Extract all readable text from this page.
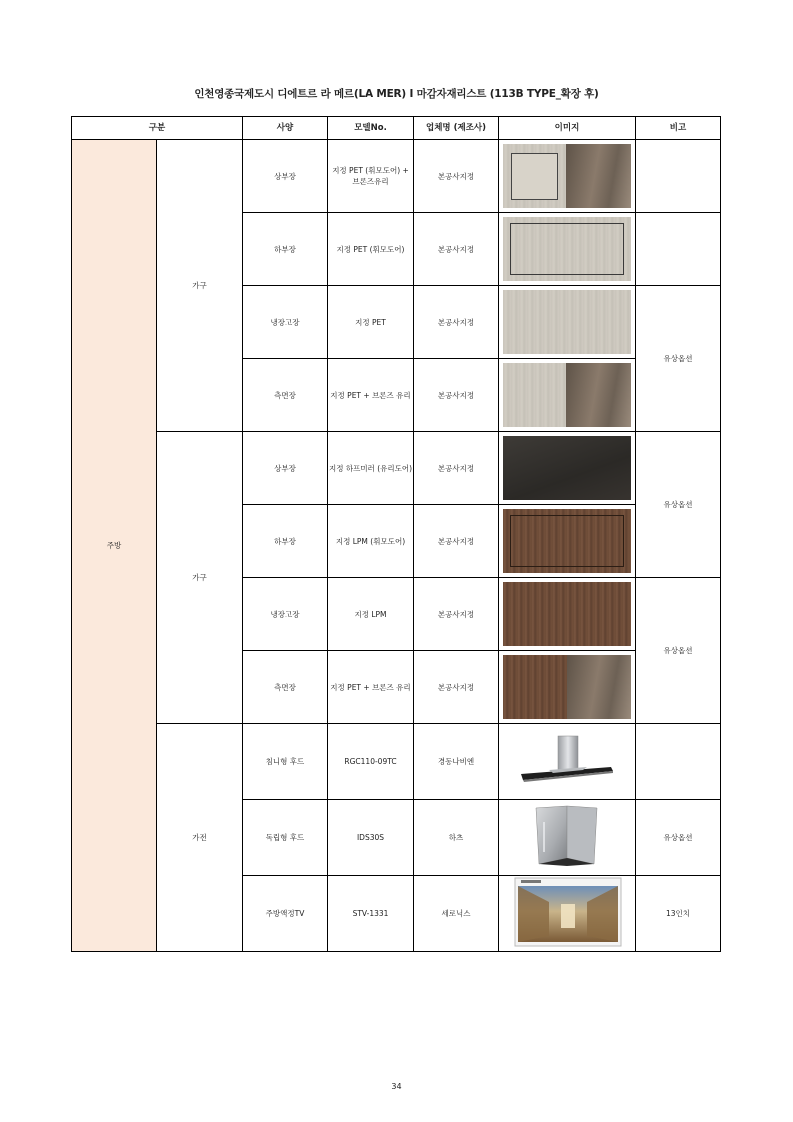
인천영종국제도시 디에트르 라 메르(LA MER) I 마감자재리스트 (113B TYPE_확장 후)
구분		사양	모델No.	업체명 (제조사)	이미지	비고
주방	가구	상부장	지정 PET (휘모도어) + 브론즈유리	본공사지정	

		하부장	지정 PET (휘모도어)	본공사지정	

		냉장고장	지정 PET	본공사지정		유상옵션
		측면장	지정 PET + 브론즈 유리	본공사지정		

	가구	상부장	지정 하프미러 (유리도어)	본공사지정		유상옵션
		하부장	지정 LPM (휘모도어)	본공사지정		

		냉장고장	지정 LPM	본공사지정		유상옵션
		측면장	지정 PET + 브론즈 유리	본공사지정		

	가전	침니형 후드	RGC110-09TC	경동나비엔		
		독립형 후드	IDS30S	하츠		유상옵션
		주방액정TV	STV-1331	세로닉스		13인치
34
